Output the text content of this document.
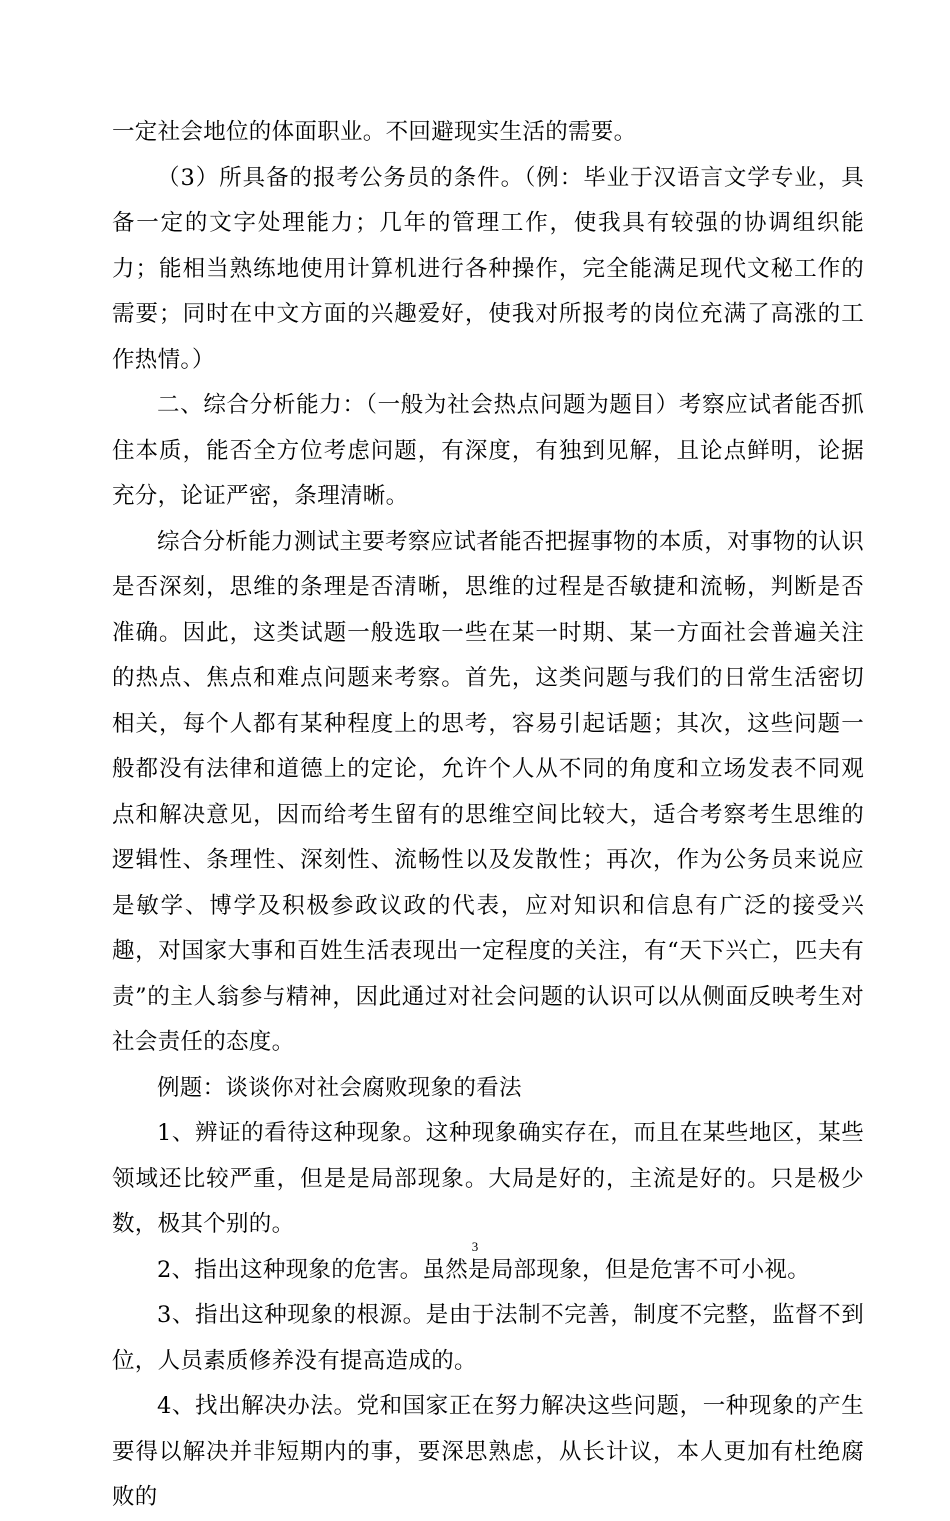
一定社会地位的体面职业。不回避现实生活的需要。

（3）所具备的报考公务员的条件。（例：毕业于汉语言文学专业，具备一定的文字处理能力；几年的管理工作，使我具有较强的协调组织能力；能相当熟练地使用计算机进行各种操作，完全能满足现代文秘工作的需要；同时在中文方面的兴趣爱好，使我对所报考的岗位充满了高涨的工作热情。）

二、综合分析能力：（一般为社会热点问题为题目）考察应试者能否抓住本质，能否全方位考虑问题，有深度，有独到见解，且论点鲜明，论据充分，论证严密，条理清晰。

综合分析能力测试主要考察应试者能否把握事物的本质，对事物的认识是否深刻，思维的条理是否清晰，思维的过程是否敏捷和流畅，判断是否准确。因此，这类试题一般选取一些在某一时期、某一方面社会普遍关注的热点、焦点和难点问题来考察。首先，这类问题与我们的日常生活密切相关，每个人都有某种程度上的思考，容易引起话题；其次，这些问题一般都没有法律和道德上的定论，允许个人从不同的角度和立场发表不同观点和解决意见，因而给考生留有的思维空间比较大，适合考察考生思维的逻辑性、条理性、深刻性、流畅性以及发散性；再次，作为公务员来说应是敏学、博学及积极参政议政的代表，应对知识和信息有广泛的接受兴趣，对国家大事和百姓生活表现出一定程度的关注，有“天下兴亡，匹夫有责”的主人翁参与精神，因此通过对社会问题的认识可以从侧面反映考生对社会责任的态度。

例题：谈谈你对社会腐败现象的看法

1、辨证的看待这种现象。这种现象确实存在，而且在某些地区，某些领域还比较严重，但是是局部现象。大局是好的，主流是好的。只是极少数，极其个别的。

2、指出这种现象的危害。虽然是局部现象，但是危害不可小视。

3、指出这种现象的根源。是由于法制不完善，制度不完整，监督不到位，人员素质修养没有提高造成的。

4、找出解决办法。党和国家正在努力解决这些问题，一种现象的产生要得以解决并非短期内的事，要深思熟虑，从长计议，本人更加有杜绝腐败的

3
